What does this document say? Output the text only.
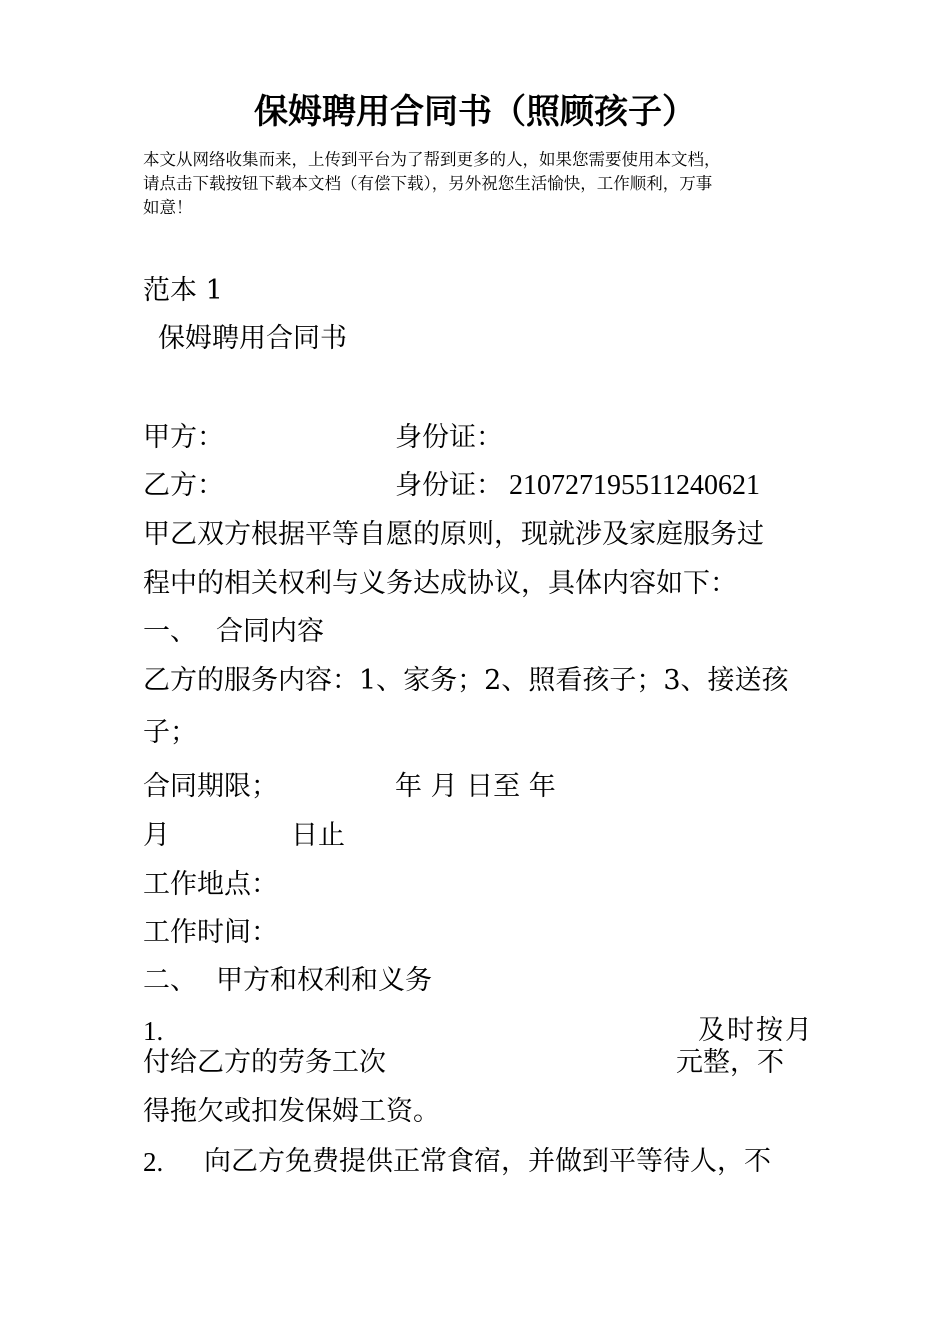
保姆聘用合同书（照顾孩子）
本文从网络收集而来，上传到平台为了帮到更多的人，如果您需要使用本文档，
请点击下载按钮下载本文档（有偿下载），另外祝您生活愉快，工作顺利，万事
如意！
范本 1
保姆聘用合同书
甲方：	身份证：
乙方：	身份证： 210727195511240621
甲乙双方根据平等自愿的原则，现就涉及家庭服务过
程中的相关权利与义务达成协议，具体内容如下：
一、 合同内容
乙方的服务内容：1、家务；2、照看孩子；3、接送孩
子；
合同期限；	年 月 日至 年
月	日止
工作地点：
工作时间：
二、 甲方和权利和义务
1.	及时按月
付给乙方的劳务工次	元整，不
得拖欠或扣发保姆工资。
2. 向乙方免费提供正常食宿，并做到平等待人，不
